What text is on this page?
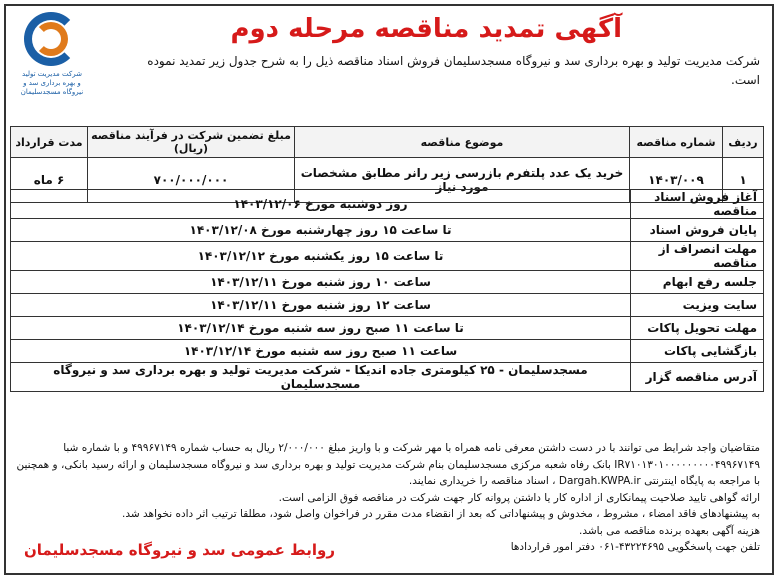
شرکت مدیریت تولید و بهره برداری سد و نیروگاه مسجدسلیمان
آگهی تمدید مناقصه مرحله دوم
شرکت مدیریت تولید و بهره برداری سد و نیروگاه مسجدسلیمان فروش اسناد مناقصه ذیل را به شرح جدول زیر تمدید نموده است.
ردیف	شماره مناقصه	موضوع مناقصه	مبلغ تضمین شرکت در فرآیند مناقصه (ریال)	مدت قرارداد
۱	۱۴۰۳/۰۰۹	خرید یک عدد پلتفرم بازرسی زیر رانر مطابق مشخصات مورد نیاز	۷۰۰/۰۰۰/۰۰۰	۶ ماه
آغاز فروش اسناد مناقصه	روز دوشنبه مورخ ۱۴۰۳/۱۲/۰۶
پایان فروش اسناد	تا ساعت ۱۵ روز چهارشنبه مورخ ۱۴۰۳/۱۲/۰۸
مهلت انصراف از مناقصه	تا ساعت ۱۵ روز یکشنبه مورخ ۱۴۰۳/۱۲/۱۲
جلسه رفع ابهام	ساعت ۱۰ روز شنبه مورخ ۱۴۰۳/۱۲/۱۱
سایت ویزیت	ساعت ۱۲ روز شنبه مورخ ۱۴۰۳/۱۲/۱۱
مهلت تحویل پاکات	تا ساعت ۱۱ صبح روز سه شنبه مورخ ۱۴۰۳/۱۲/۱۴
بازگشایی پاکات	ساعت ۱۱ صبح روز سه شنبه مورخ ۱۴۰۳/۱۲/۱۴
آدرس مناقصه گزار	مسجدسلیمان - ۲۵ کیلومتری جاده اندیکا - شرکت مدیریت تولید و بهره برداری سد و نیروگاه مسجدسلیمان

متقاضیان واجد شرایط می توانند با در دست داشتن معرفی نامه همراه با مهر شرکت و با واریز مبلغ ۲/۰۰۰/۰۰۰ ریال به حساب شماره ۴۹۹۶۷۱۴۹ و با شماره شبا IR۷۱۰۱۳۰۱۰۰۰۰۰۰۰۰۰۴۹۹۶۷۱۴۹ بانک رفاه شعبه مرکزی مسجدسلیمان بنام شرکت مدیریت تولید و بهره برداری سد و نیروگاه مسجدسلیمان و ارائه رسید بانکی، و همچنین با مراجعه به پایگاه اینترنتی Dargah.KWPA.ir ، اسناد مناقصه را خریداری نمایند.

ارائه گواهی تایید صلاحیت پیمانکاری از اداره کار یا داشتن پروانه کار جهت شرکت در مناقصه فوق الزامی است.

به پیشنهادهای فاقد امضاء ، مشروط ، مخدوش و پیشنهاداتی که بعد از انقضاء مدت مقرر در فراخوان واصل شود، مطلقا ترتیب اثر داده نخواهد شد.

هزینه آگهی بعهده برنده مناقصه می باشد.

تلفن جهت پاسخگویی ۴۳۲۲۴۶۹۵-۰۶۱ دفتر امور قراردادها

روابط عمومی سد و نیروگاه مسجدسلیمان
